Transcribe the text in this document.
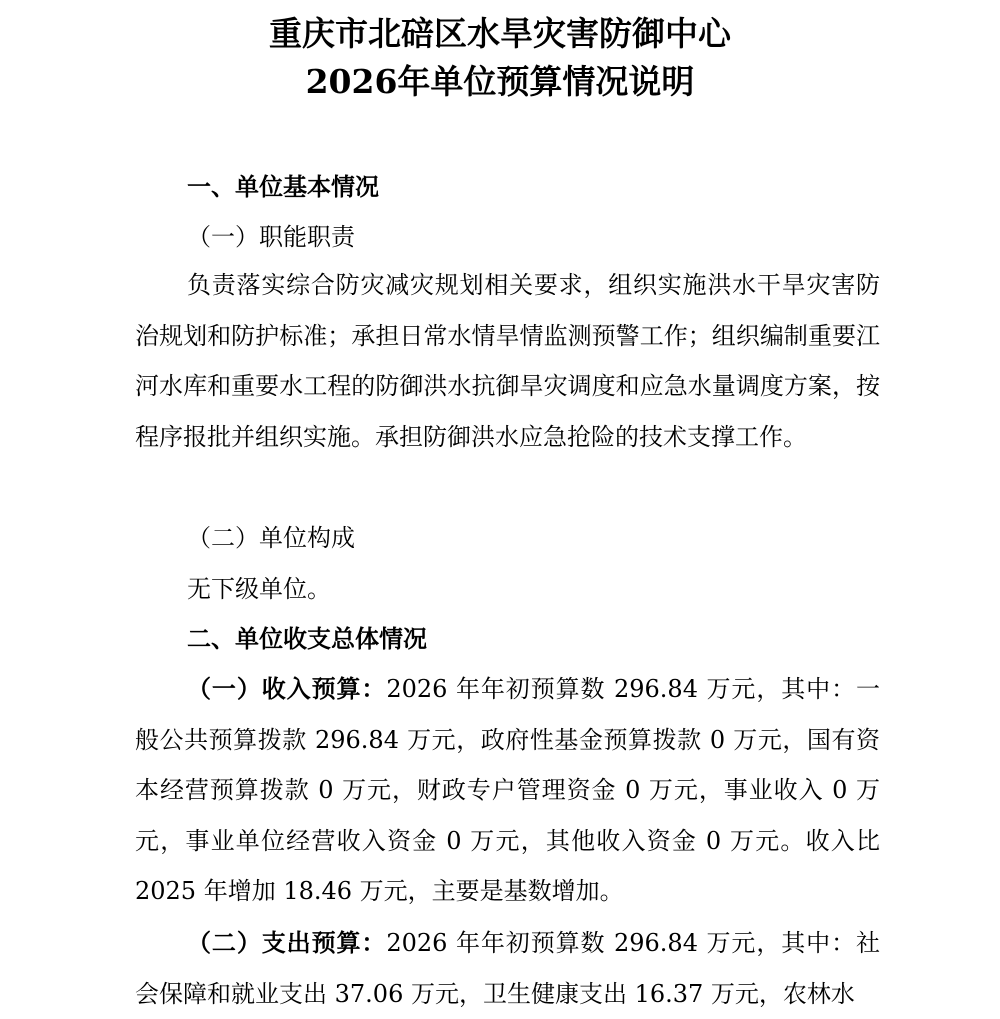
重庆市北碚区水旱灾害防御中心
2026年单位预算情况说明
一、单位基本情况
（一）职能职责

负责落实综合防灾减灾规划相关要求，组织实施洪水干旱灾害防治规划和防护标准；承担日常水情旱情监测预警工作；组织编制重要江河水库和重要水工程的防御洪水抗御旱灾调度和应急水量调度方案，按程序报批并组织实施。承担防御洪水应急抢险的技术支撑工作。

（二）单位构成
无下级单位。
二、单位收支总体情况

（一）收入预算：2026 年年初预算数 296.84 万元，其中：一般公共预算拨款 296.84 万元，政府性基金预算拨款 0 万元，国有资本经营预算拨款 0 万元，财政专户管理资金 0 万元，事业收入 0 万元，事业单位经营收入资金 0 万元，其他收入资金 0 万元。收入比 2025 年增加 18.46 万元，主要是基数增加。

（二）支出预算：2026 年年初预算数 296.84 万元，其中：社会保障和就业支出 37.06 万元，卫生健康支出 16.37 万元，农林水
